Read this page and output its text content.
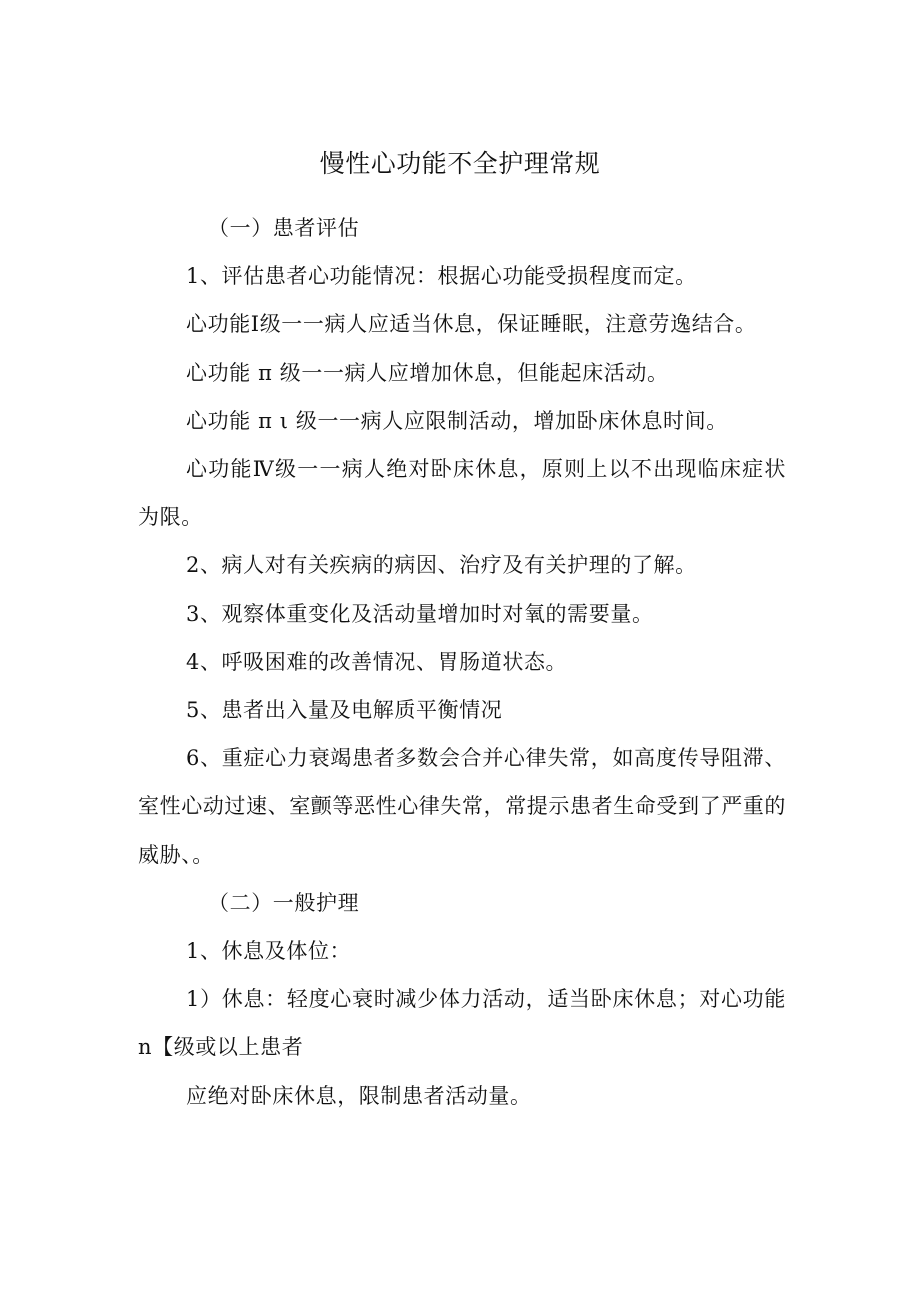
慢性心功能不全护理常规

（一）患者评估

1、评估患者心功能情况：根据心功能受损程度而定。

心功能Ⅰ级一一病人应适当休息，保证睡眠，注意劳逸结合。

心功能 π 级一一病人应增加休息，但能起床活动。

心功能 π ι 级一一病人应限制活动，增加卧床休息时间。

心功能Ⅳ级一一病人绝对卧床休息，原则上以不出现临床症状为限。

2、病人对有关疾病的病因、治疗及有关护理的了解。

3、观察体重变化及活动量增加时对氧的需要量。

4、呼吸困难的改善情况、胃肠道状态。

5、患者出入量及电解质平衡情况

6、重症心力衰竭患者多数会合并心律失常，如高度传导阻滞、室性心动过速、室颤等恶性心律失常，常提示患者生命受到了严重的威胁、。

（二）一般护理

1、休息及体位：

1）休息：轻度心衰时减少体力活动，适当卧床休息；对心功能n【级或以上患者

应绝对卧床休息，限制患者活动量。
